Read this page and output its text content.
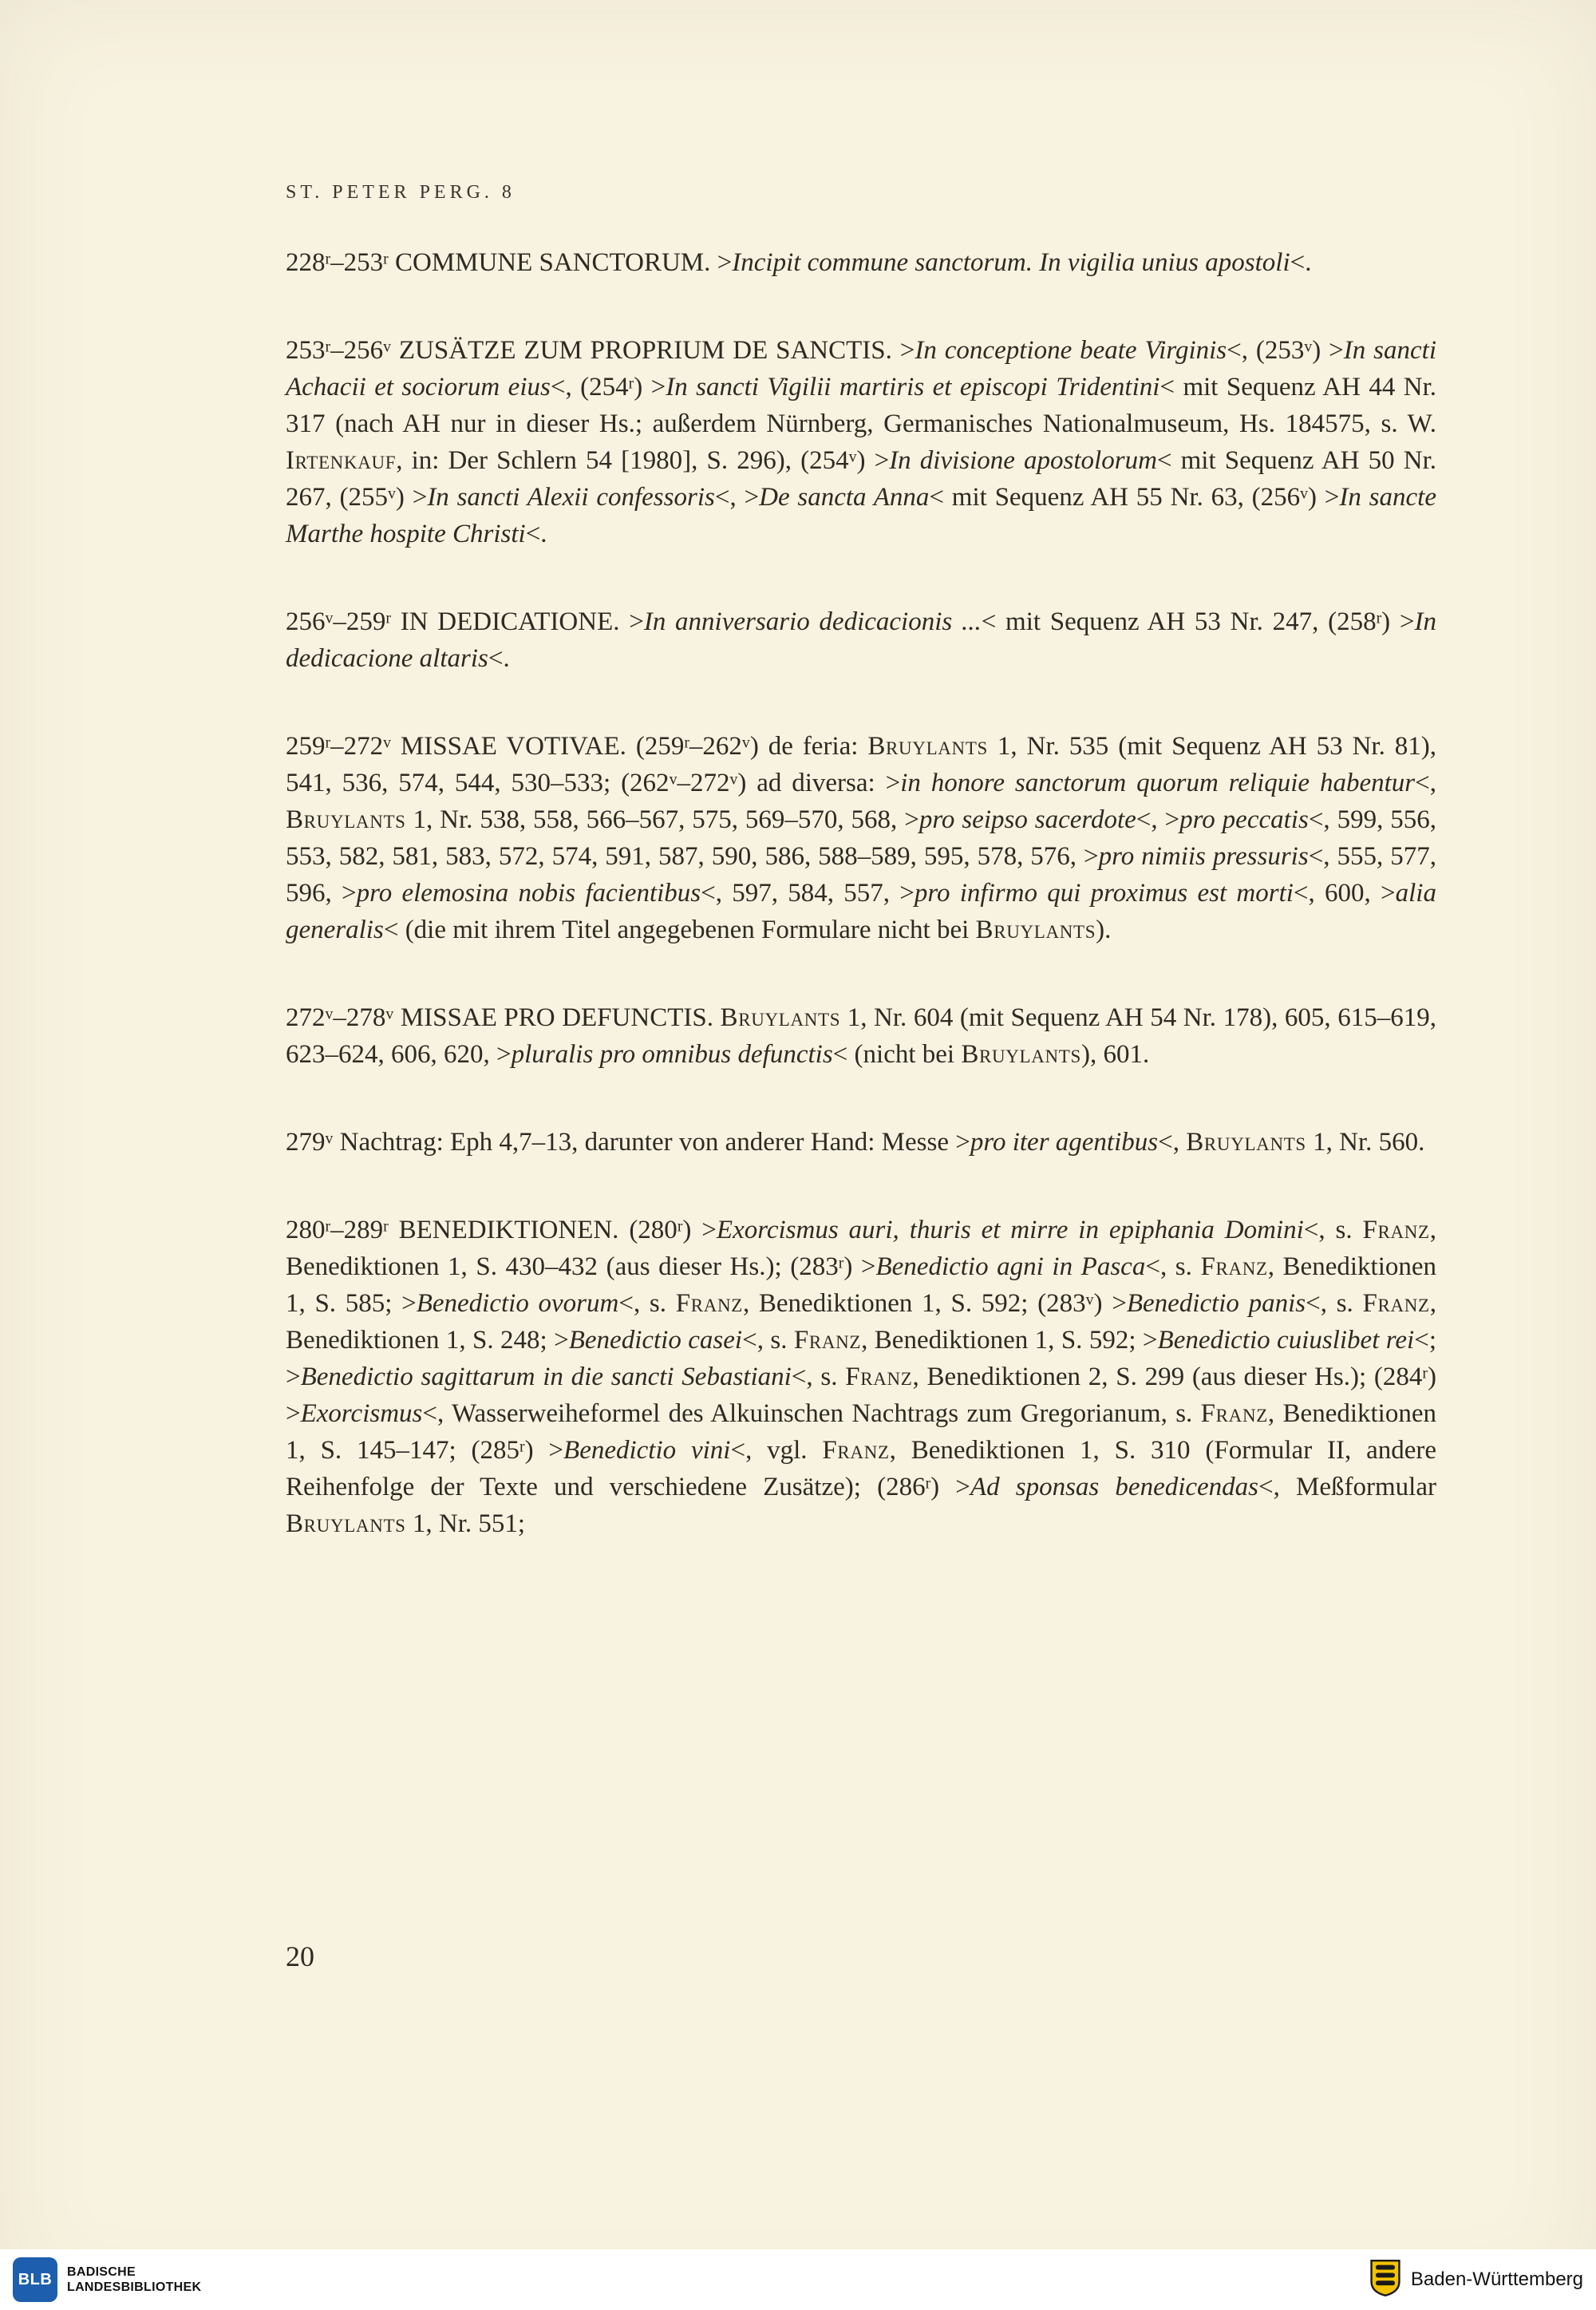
ST. PETER PERG. 8

228$^r$–253$^r$ COMMUNE SANCTORUM. >Incipit commune sanctorum. In vigilia unius apostoli<.

253$^r$–256$^v$ ZUSÄTZE ZUM PROPRIUM DE SANCTIS. >In conceptione beate Virginis<, $(253^v) >In$ sancti Achacii et sociorum eius<, $(254^r) >In$ sancti Vigilii martiris et episcopi Tridentini< mit Sequenz AH 44 Nr. 317 (nach AH nur in dieser Hs.; außerdem Nürnberg, Germanisches Nationalmuseum, Hs. 184575, s. W. Irtenkauf, in: Der Schlern 54 [1980], S. 296), $(254^v) >In$ divisione apostolorum< mit Sequenz AH 50 Nr. 267, $(255^v) >In$ sancti Alexii confessoris<, >De sancta Anna< mit Sequenz AH 55 Nr. 63, $(256^v) >In$ sancte Marthe hospite Christi<.

256$^v$–259$^r$ IN DEDICATIONE. >In anniversario dedicacionis ...< mit Sequenz AH 53 Nr. 247, $(258^r) >In$ dedicacione altaris<.

259$^r$–272$^v$ MISSAE VOTIVAE. (259$^r$–262$^v$) de feria: Bruylants 1, Nr. 535 (mit Sequenz AH 53 Nr. 81), 541, 536, 574, 544, 530–533; (262$^v$–272$^v$) ad diversa: >in honore sanctorum quorum reliquie habentur<, Bruylants 1, Nr. 538, 558, 566–567, 575, 569–570, 568, >pro seipso sacerdote<, >pro peccatis<, 599, 556, 553, 582, 581, 583, 572, 574, 591, 587, 590, 586, 588–589, 595, 578, 576, >pro nimiis pressuris<, 555, 577, 596, >pro elemosina nobis facientibus<, 597, 584, 557, >pro infirmo qui proximus est morti<, 600, >alia generalis< (die mit ihrem Titel angegebenen Formulare nicht bei Bruylants).

272$^v$–278$^v$ MISSAE PRO DEFUNCTIS. Bruylants 1, Nr. 604 (mit Sequenz AH 54 Nr. 178), 605, 615–619, 623–624, 606, 620, >pluralis pro omnibus defunctis< (nicht bei Bruylants), 601.

279$^v$ Nachtrag: Eph 4,7–13, darunter von anderer Hand: Messe >pro iter agentibus<, Bruylants 1, Nr. 560.

280$^r$–289$^r$ BENEDIKTIONEN. $(280^r)$ >Exorcismus auri, thuris et mirre in epiphania Domini<, s. Franz, Benediktionen 1, S. 430–432 (aus dieser Hs.); $(283^r)$ >Benedictio agni in Pasca<, s. Franz, Benediktionen 1, S. 585; >Benedictio ovorum<, s. Franz, Benediktionen 1, S. 592; $(283^v)$ >Benedictio panis<, s. Franz, Benediktionen 1, S. 248; >Benedictio casei<, s. Franz, Benediktionen 1, S. 592; >Benedictio cuiuslibet rei<; >Benedictio sagittarum in die sancti Sebastiani<, s. Franz, Benediktionen 2, S. 299 (aus dieser Hs.); $(284^r)$ >Exorcismus<, Wasserweiheformel des Alkuinschen Nachtrags zum Gregorianum, s. Franz, Benediktionen 1, S. 145–147; $(285^r)$ >Benedictio vini<, vgl. Franz, Benediktionen 1, S. 310 (Formular II, andere Reihenfolge der Texte und verschiedene Zusätze); $(286^r) >Ad$ sponsas benedicendas<, Meßformular Bruylants 1, Nr. 551;

20
BLB BADISCHE
LANDESBIBLIOTHEK	Baden-Württemberg
